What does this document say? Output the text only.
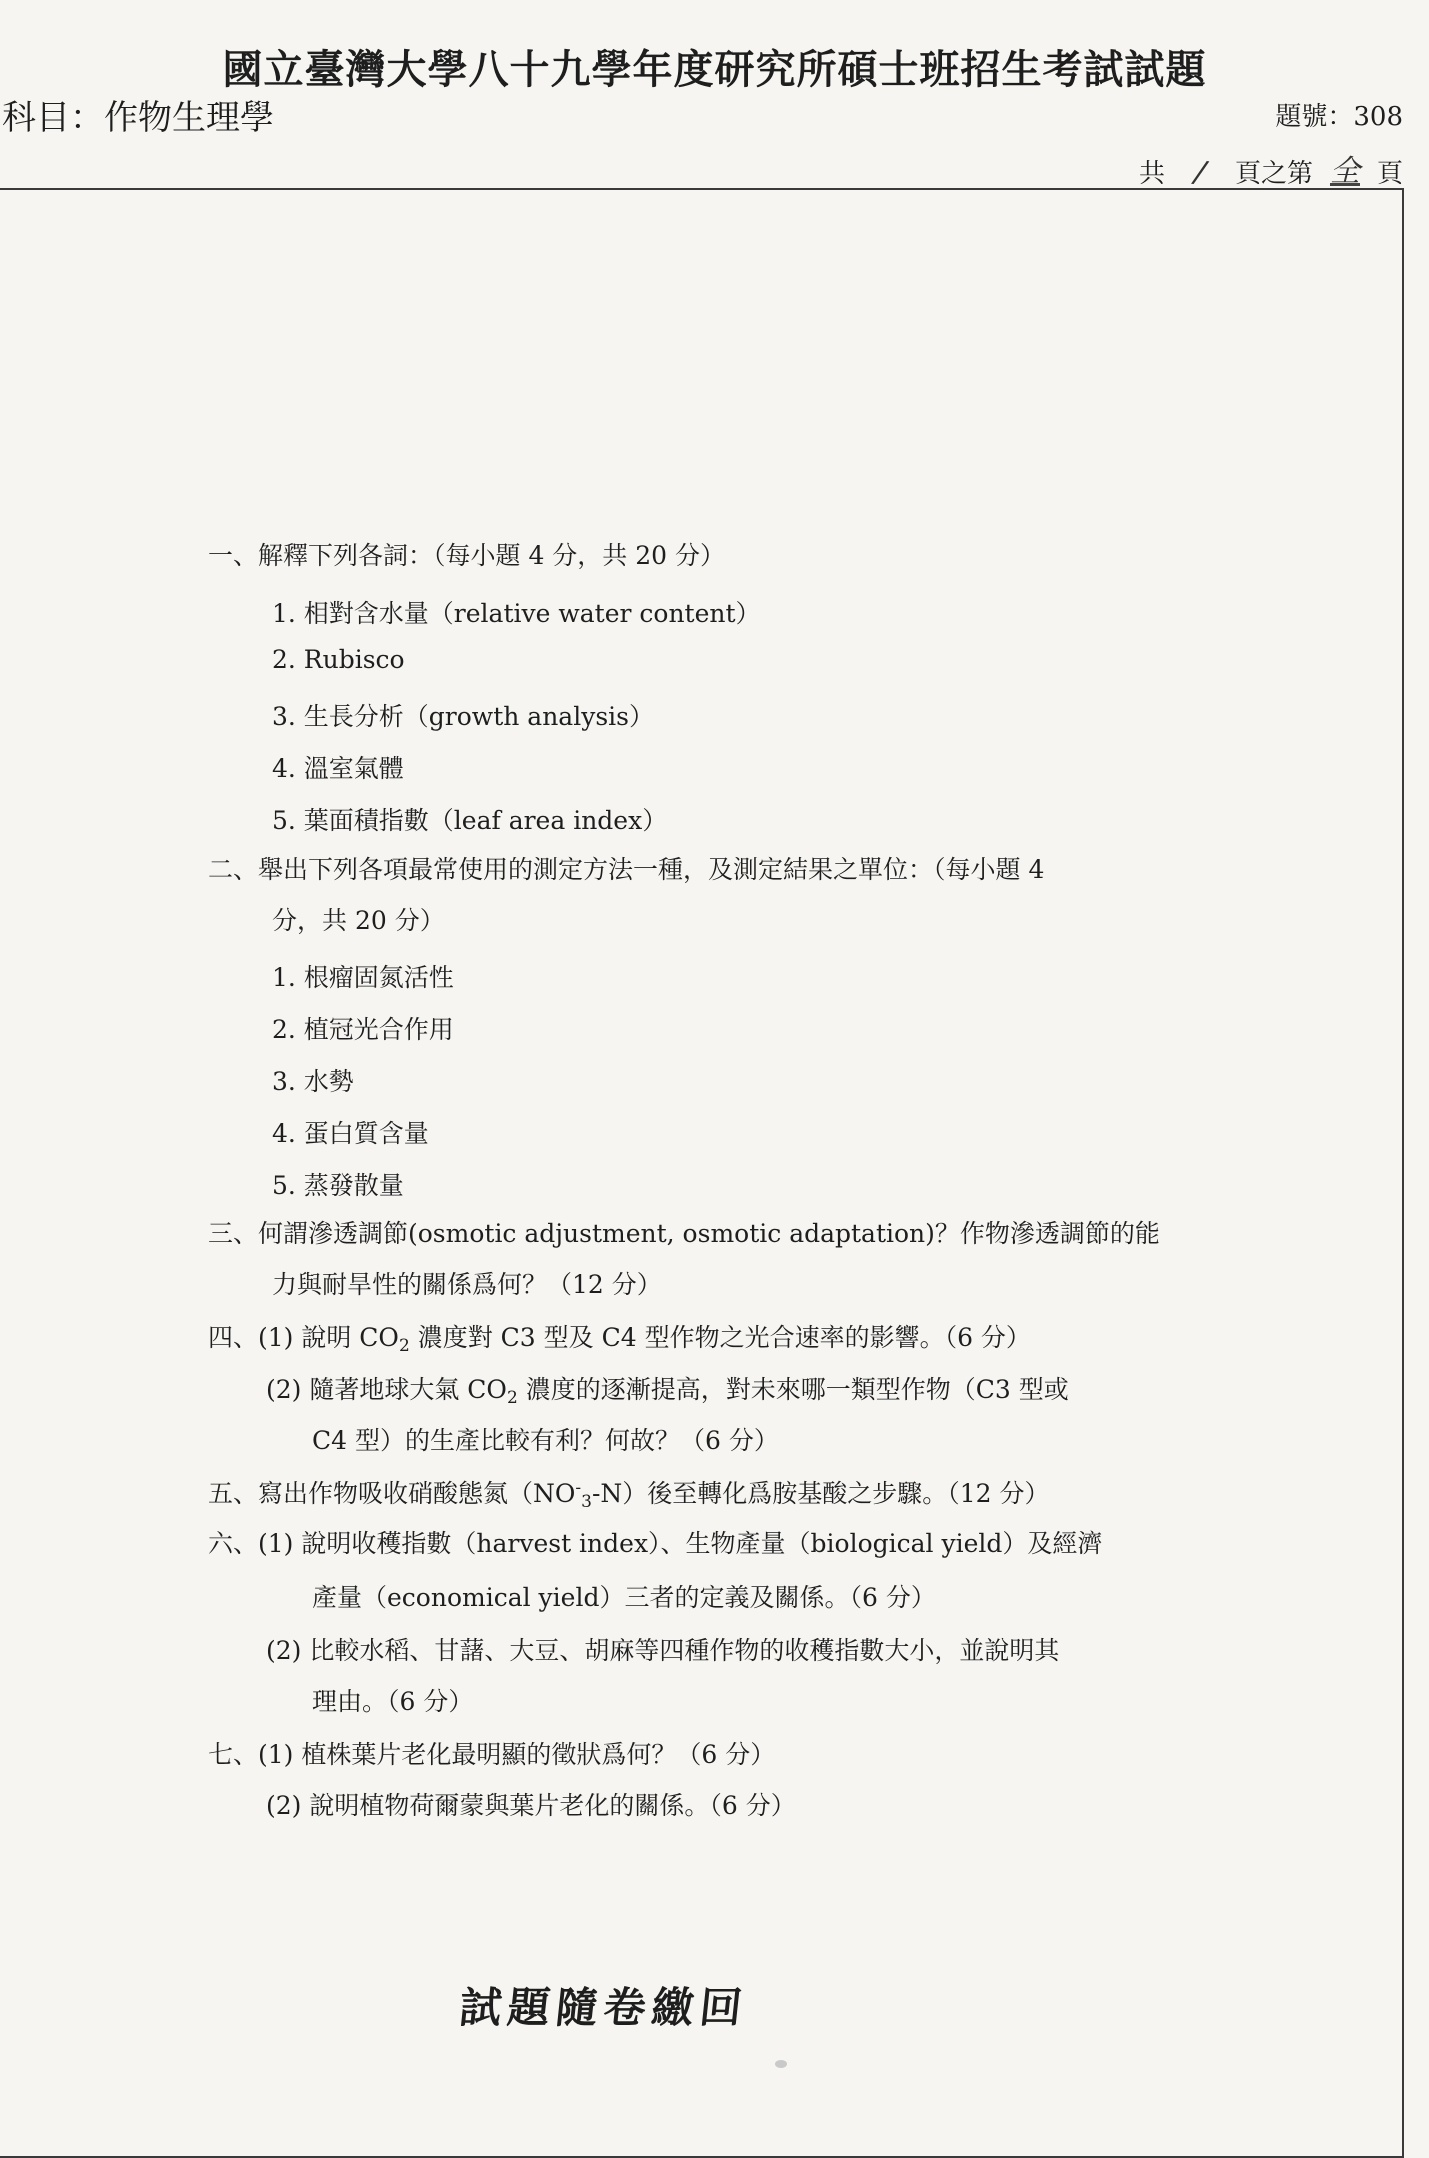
國立臺灣大學八十九學年度研究所碩士班招生考試試題
科目：作物生理學	題號：308
共 /	頁之第 全 頁
一、解釋下列各詞：（每小題 4 分，共 20 分）
1. 相對含水量（relative water content）
2. Rubisco
3. 生長分析（growth analysis）
4. 溫室氣體
5. 葉面積指數（leaf area index）
二、舉出下列各項最常使用的測定方法一種，及測定結果之單位：（每小題 4
分，共 20 分）
1. 根瘤固氮活性
2. 植冠光合作用
3. 水勢
4. 蛋白質含量
5. 蒸發散量
三、何謂滲透調節(osmotic adjustment, osmotic adaptation)？作物滲透調節的能
力與耐旱性的關係爲何？（12 分）
四、(1) 說明 $CO_2$ 濃度對 C3 型及 C4 型作物之光合速率的影響。（6 分）
(2) 隨著地球大氣 $CO_2$ 濃度的逐漸提高，對未來哪一類型作物（C3 型或
C4 型）的生產比較有利？何故？（6 分）
五、寫出作物吸收硝酸態氮$(NO^-_3-N)$後至轉化爲胺基酸之步驟。（12 分）
六、(1) 說明收穫指數（harvest index）、生物產量（biological yield）及經濟
產量（economical yield）三者的定義及關係。（6 分）
(2) 比較水稻、甘藷、大豆、胡麻等四種作物的收穫指數大小，並說明其
理由。（6 分）
七、(1) 植株葉片老化最明顯的徵狀爲何？（6 分）
(2) 說明植物荷爾蒙與葉片老化的關係。（6 分）
試題隨卷繳回
